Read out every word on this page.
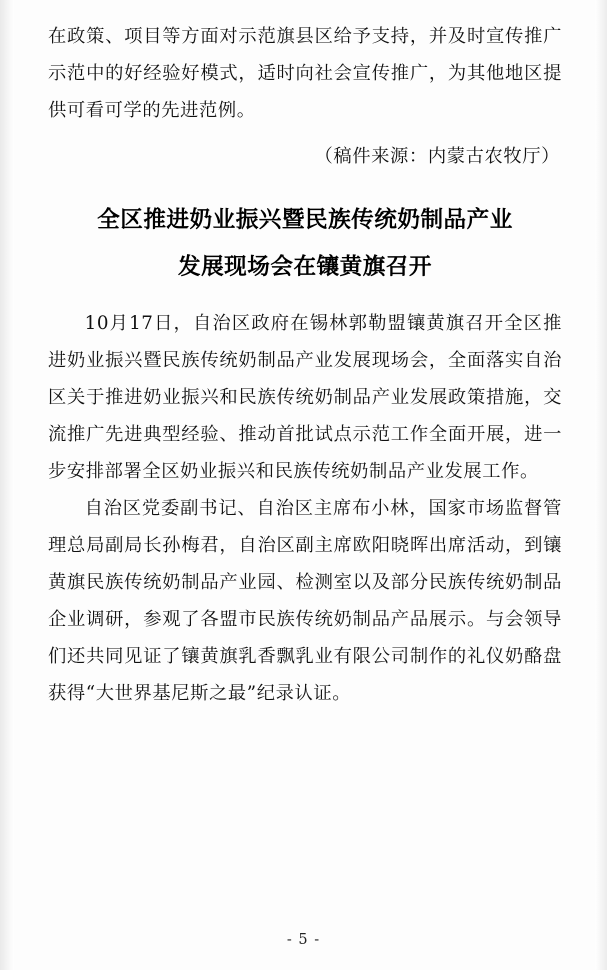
在政策、项目等方面对示范旗县区给予支持，并及时宣传推广示范中的好经验好模式，适时向社会宣传推广，为其他地区提供可看可学的先进范例。

（稿件来源：内蒙古农牧厅）
全区推进奶业振兴暨民族传统奶制品产业
发展现场会在镶黄旗召开

10月17日，自治区政府在锡林郭勒盟镶黄旗召开全区推进奶业振兴暨民族传统奶制品产业发展现场会，全面落实自治区关于推进奶业振兴和民族传统奶制品产业发展政策措施，交流推广先进典型经验、推动首批试点示范工作全面开展，进一步安排部署全区奶业振兴和民族传统奶制品产业发展工作。

自治区党委副书记、自治区主席布小林，国家市场监督管理总局副局长孙梅君，自治区副主席欧阳晓晖出席活动，到镶黄旗民族传统奶制品产业园、检测室以及部分民族传统奶制品企业调研，参观了各盟市民族传统奶制品产品展示。与会领导们还共同见证了镶黄旗乳香飘乳业有限公司制作的礼仪奶酪盘获得“大世界基尼斯之最”纪录认证。

- 5 -
